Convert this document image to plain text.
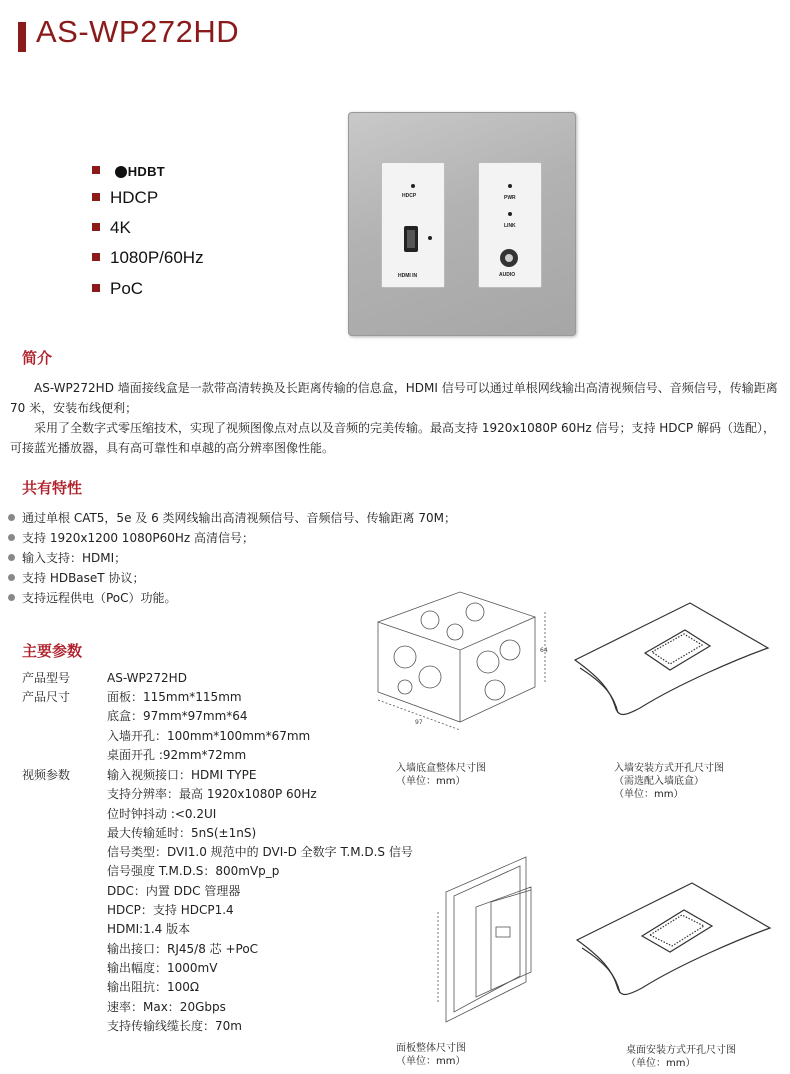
AS-WP272HD
HDBT
HDCP
4K
1080P/60Hz
PoC
HDCP
HDMI IN
PWR
LINK
AUDIO
简介

AS-WP272HD 墙面接线盒是一款带高清转换及长距离传输的信息盒，HDMI 信号可以通过单根网线输出高清视频信号、音频信号，传输距离 70 米，安装布线便利；

采用了全数字式零压缩技术，实现了视频图像点对点以及音频的完美传输。最高支持 1920x1080P 60Hz 信号；支持 HDCP 解码（选配），可接蓝光播放器，具有高可靠性和卓越的高分辨率图像性能。

共有特性
通过单根 CAT5，5e 及 6 类网线输出高清视频信号、音频信号、传输距离 70M；
支持 1920x1200 1080P60Hz 高清信号；
输入支持：HDMI；
支持 HDBaseT 协议；
支持远程供电（PoC）功能。
主要参数
产品型号	AS-WP272HD
产品尺寸	面板：115mm*115mm
底盒：97mm*97mm*64
入墙开孔：100mm*100mm*67mm
桌面开孔 :92mm*72mm
视频参数	输入视频接口：HDMI TYPE
支持分辨率：最高 1920x1080P 60Hz
位时钟抖动 :<0.2UI
最大传输延时：5nS(±1nS)
信号类型：DVI1.0 规范中的 DVI-D 全数字 T.M.D.S 信号
信号强度 T.M.D.S：800mVp_p
DDC：内置 DDC 管理器
HDCP：支持 HDCP1.4
HDMI:1.4 版本
输出接口：RJ45/8 芯 +PoC
输出幅度：1000mV
输出阻抗：100Ω
速率：Max：20Gbps
支持传输线缆长度：70m
97
64
入墙底盒整体尺寸图
（单位：mm）
入墙安装方式开孔尺寸图
（需选配入墙底盒）
（单位：mm）
面板整体尺寸图
（单位：mm）
桌面安装方式开孔尺寸图
（单位：mm）
